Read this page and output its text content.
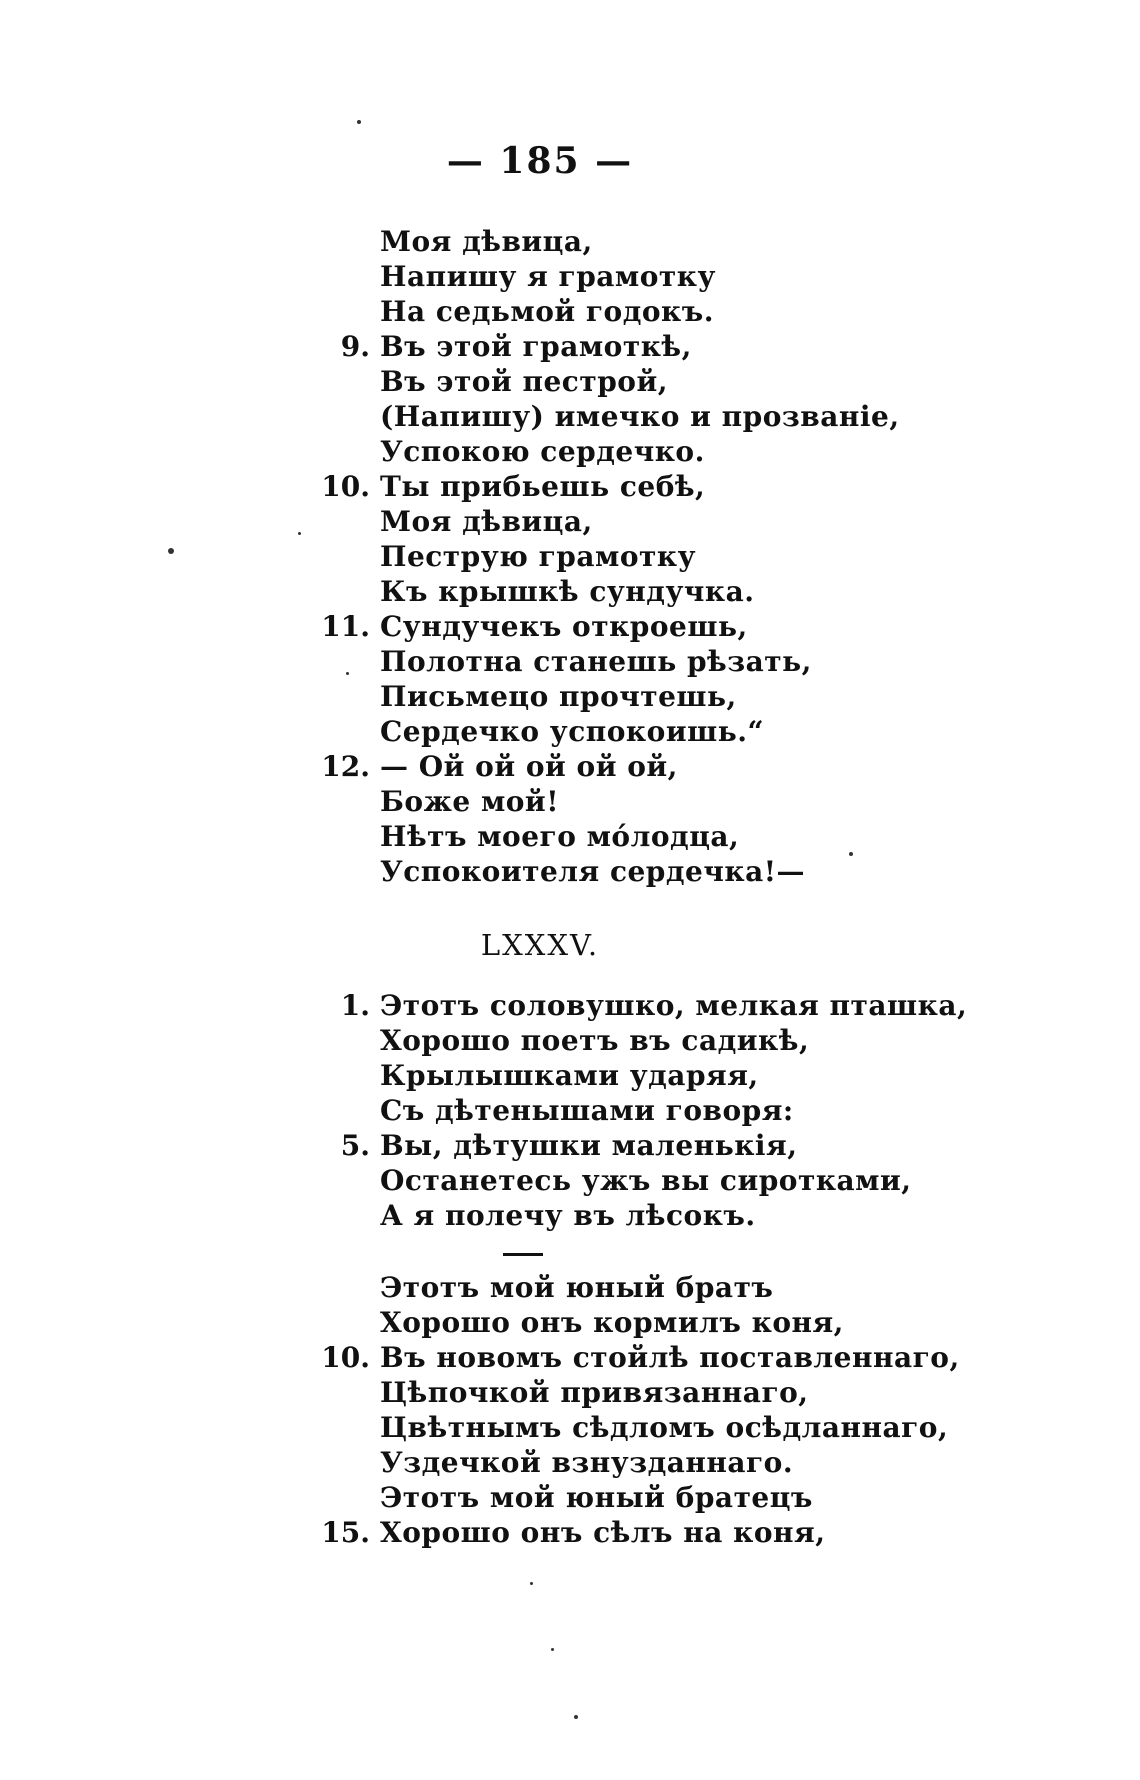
— 185 —
Моя дѣвица,
Напишу я грамотку
На седьмой годокъ.
9. Въ этой грамоткѣ,
Въ этой пестрой,
(Напишу) имечко и прозваніе,
Успокою сердечко.
10. Ты прибьешь себѣ,
Моя дѣвица,
Пеструю грамотку
Къ крышкѣ сундучка.
11. Сундучекъ откроешь,
Полотна станешь рѣзать,
Письмецо прочтешь,
Сердечко успокоишь.“
12. — Ой ой ой ой ой,
Боже мой!
Нѣтъ моего мóлодца,
Успокоителя сердечка!—
LXXXV.
1. Этотъ соловушко, мелкая пташка,
Хорошо поетъ въ садикѣ,
Крылышками ударяя,
Съ дѣтенышами говоря:
5. Вы, дѣтушки маленькія,
Останетесь ужъ вы сиротками,
А я полечу въ лѣсокъ.
Этотъ мой юный братъ
Хорошо онъ кормилъ коня,
10. Въ новомъ стойлѣ поставленнаго,
Цѣпочкой привязаннаго,
Цвѣтнымъ сѣдломъ осѣдланнаго,
Уздечкой взнузданнаго.
Этотъ мой юный братецъ
15. Хорошо онъ сѣлъ на коня,
